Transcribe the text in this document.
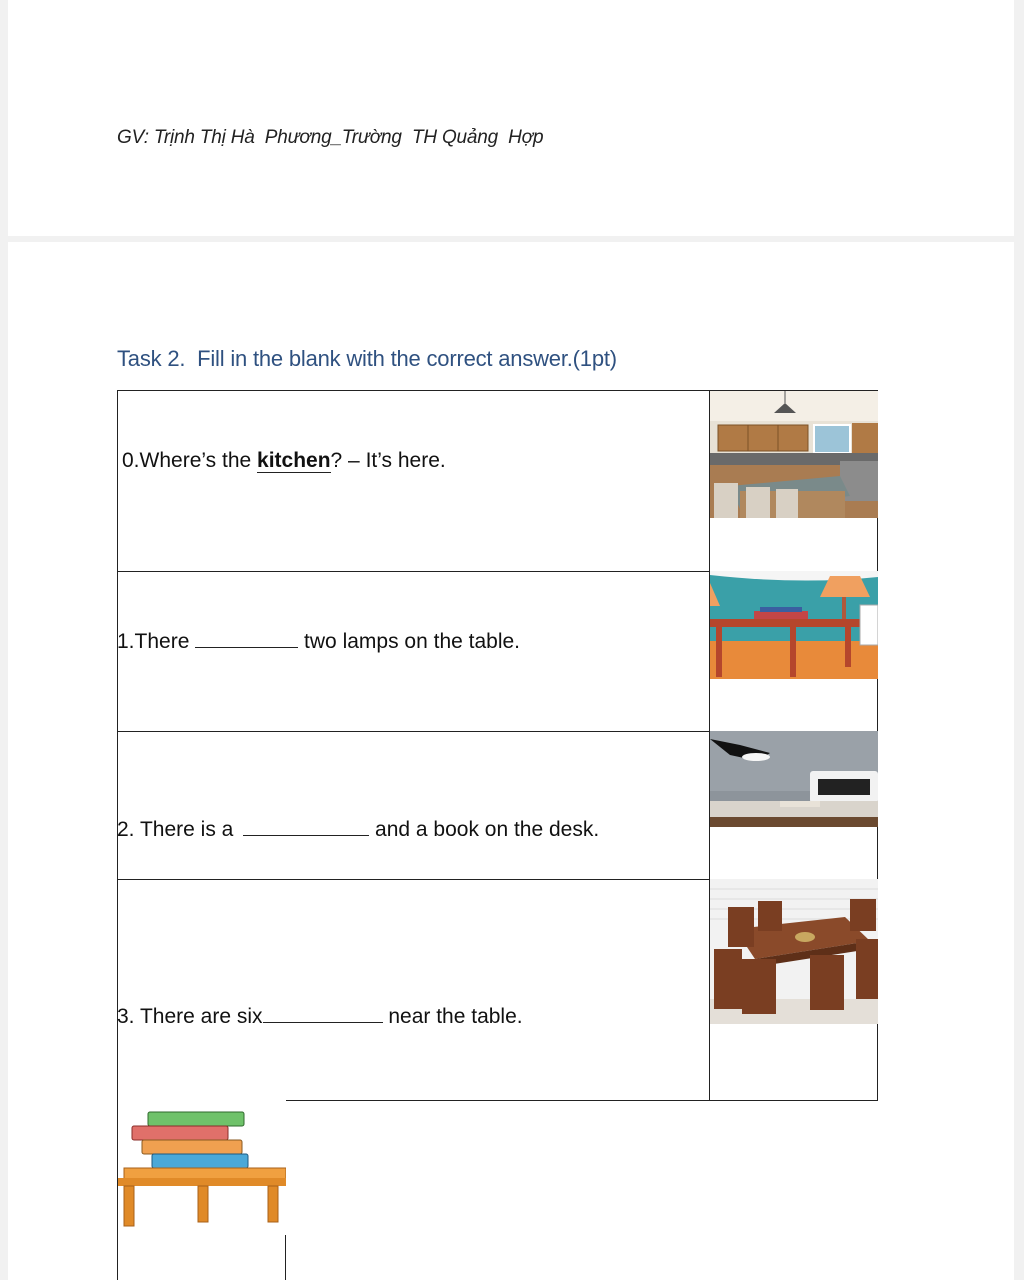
GV: Trịnh Thị Hà  Phương_Trường  TH Quảng  Hợp
Task 2.  Fill in the blank with the correct answer.(1pt)
0.Where’s the kitchen? – It’s here.
1.There	two lamps on the table.
2. There is a	and a book on the desk.
3. There are six	near the table.
